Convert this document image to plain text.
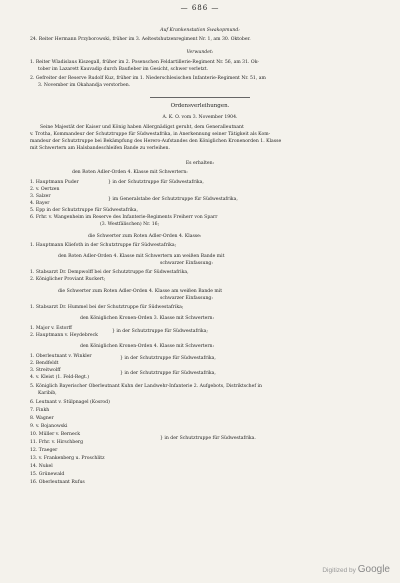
— 686 —
Auf Krankenstation Swakopmund:
24. Reiter Hermann Przyborowski, früher im 3. Aeltestshutzenregiment Nr. 1, am 30. Oktober.
Verwundet:
1. Reiter Wladislaus Kiszegall, früher im 2. Posenschen Feldartillerie-Regiment Nr. 56, am 31. Ok-
tober im Lazarett Kauvadip durch Baufieber im Gesicht, schwer verletzt.
2. Gefreiter der Reserve Rudolf Kuz, früher im 1. Niederschlesischen Infanterie-Regiment Nr. 51, am
3. November im Okahandja verstorben.
Ordensverleihungen.
A. K. O. vom 3. November 1904.
Seine Majestät der Kaiser und König haben Allergnädigst geruht, dem Generalleutnant
v. Trotha, Kommandeur der Schutztruppe für Südwestafrika, in Anerkennung seiner Tätigkeit als Kom-
mandeur der Schutztruppe bei Bekämpfung des Herero-Aufstandes den Königlichen Kronenorden 1. Klasse
mit Schwertern am Halsbandeschleifen Bande zu verleihen.
Es erhalten:
den Roten Adler-Orden 4. Klasse mit Schwertern:
1. Hauptmann Puder
2. v. Oertzen
} in der Schutztruppe für Südwestafrika,
3. Salzer
4. Bayer
} im Generalstabe der Schutztruppe für Südwestafrika,
5. Epp in der Schutztruppe für Südwestafrika,
6. Frhr. v. Wangenheim im Reserve des Infanterie-Regiments Freiherr von Sparr
(3. Westfälischen) Nr. 16;
die Schwerter zum Roten Adler-Orden 4. Klasse:
1. Hauptmann Kliefoth in der Schutztruppe für Südwestafrika;
den Roten Adler-Orden 4. Klasse mit Schwertern am weißen Bande mit
schwarzer Einfassung:
1. Stabsarzt Dr. Dempwolff bei der Schutztruppe für Südwestafrika,
2. Königlicher Proviant Ruckert;
die Schwerter zum Roten Adler-Orden 4. Klasse am weißen Bande mit
schwarzer Einfassung:
1. Stabsarzt Dr. Hummel bei der Schutztruppe für Südwestafrika;
den Königlichen Kronen-Orden 3. Klasse mit Schwertern:
1. Major v. Estorff
2. Hauptmann v. Heydebreck
} in der Schutztruppe für Südwestafrika;
den Königlichen Kronen-Orden 4. Klasse mit Schwertern:
1. Oberleutnant v. Winkler
2. Bendfeldt
} in der Schutztruppe für Südwestafrika,
3. Streitwolff
4. v. Kleist (1. Feld-Regt.)
} in der Schutztruppe für Südwestafrika,
5. Königlich Bayerischer Oberleutnant Kuhn der Landwehr-Infanterie 2. Aufgebots, Distriktschef in
Karibib,
6. Leutnant v. Stülpnagel (Kosrod)
7. Finkh
8. Wagner
9. v. Bojanowski
10. Müller v. Berneck
11. Frhr. v. Hirschberg
} in der Schutztruppe für Südwestafrika.
12. Traeger
13. v. Frankenberg u. Proschlitz
14. Nukel
15. Grünewald
16. Oberleutnant Rufus
Digitized by Google
